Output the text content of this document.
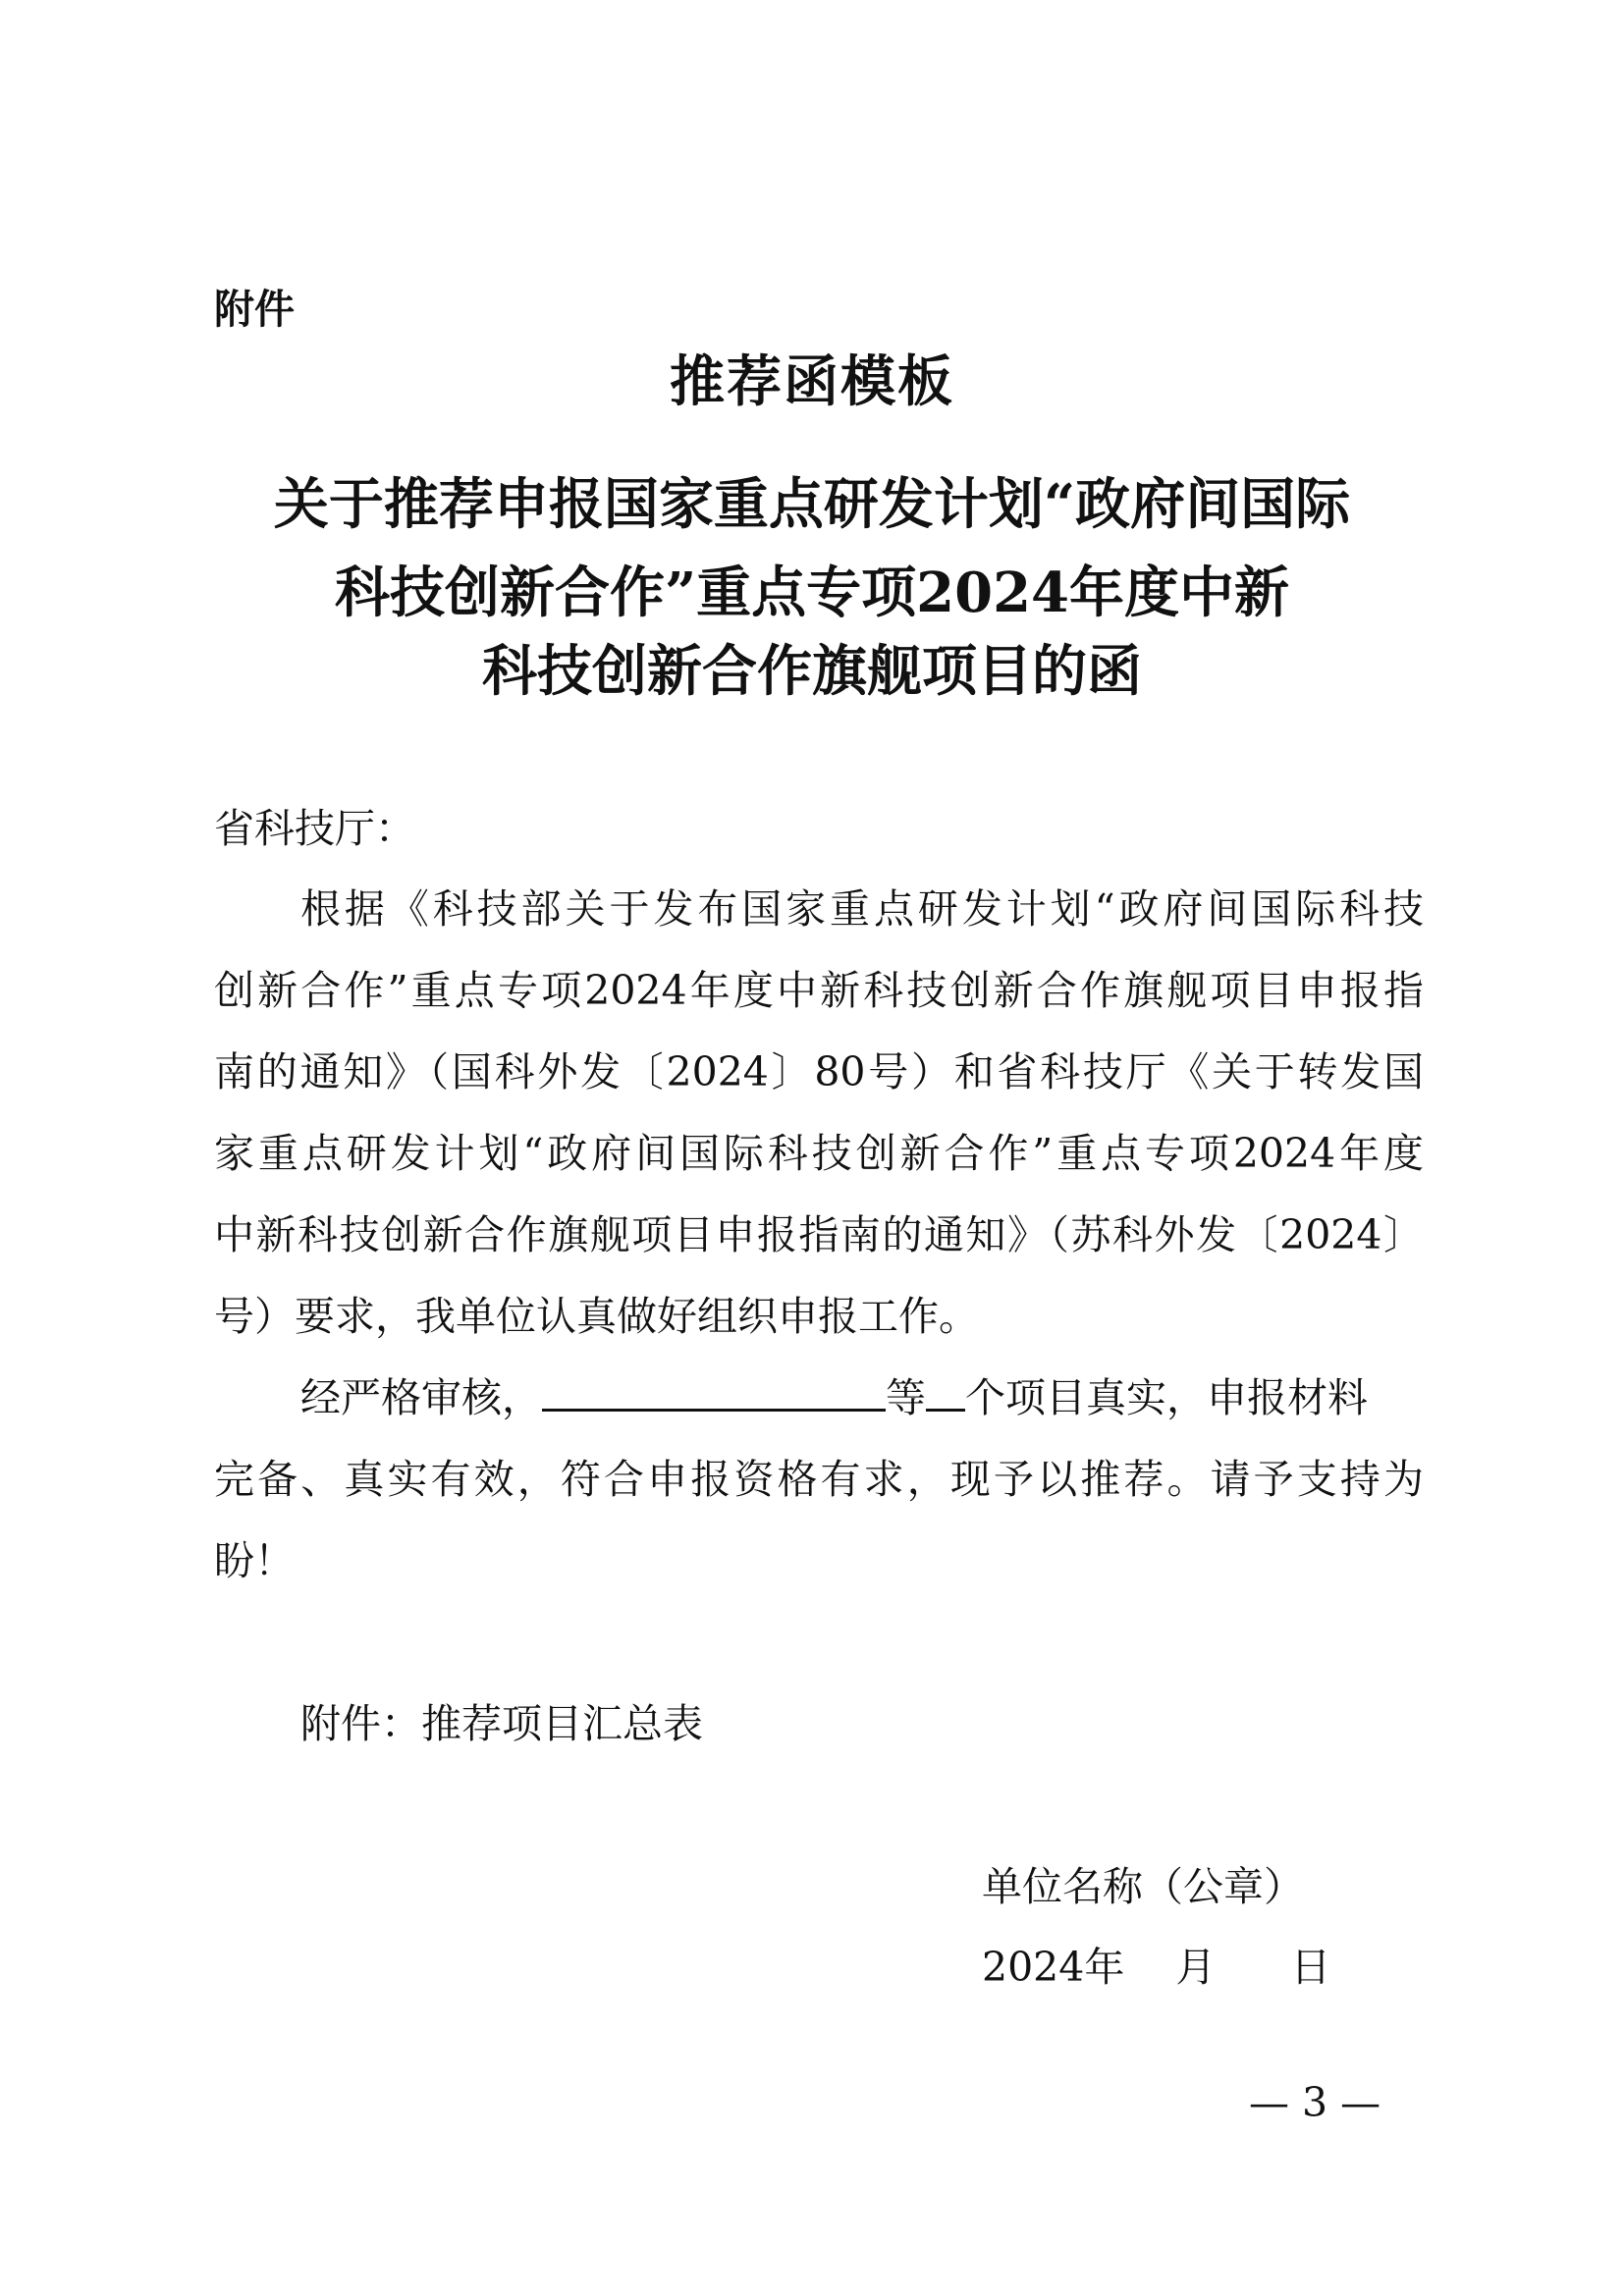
附件
推荐函模板
关于推荐申报国家重点研发计划“政府间国际
科技创新合作”重点专项2024年度中新
科技创新合作旗舰项目的函
省科技厅：
根据《科技部关于发布国家重点研发计划“政府间国际科技
创新合作”重点专项2024年度中新科技创新合作旗舰项目申报指
南的通知》（国科外发〔2024〕80号）和省科技厅《关于转发国
家重点研发计划“政府间国际科技创新合作”重点专项2024年度
中新科技创新合作旗舰项目申报指南的通知》（苏科外发〔2024〕
号）要求，我单位认真做好组织申报工作。
经严格审核，	等 个项目真实，申报材料
完备、真实有效，符合申报资格有求，现予以推荐。请予支持为
盼！
附件：推荐项目汇总表
单位名称（公章）
2024年 月 日
— 3 —
